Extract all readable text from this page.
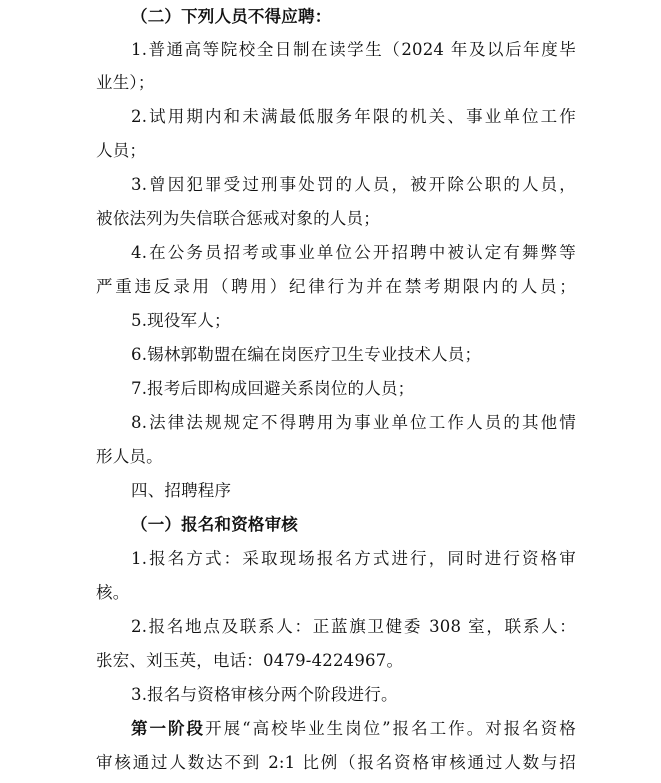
（二）下列人员不得应聘：
1.普通高等院校全日制在读学生（2024 年及以后年度毕
业生）；
2.试用期内和未满最低服务年限的机关、事业单位工作
人员；
3.曾因犯罪受过刑事处罚的人员，被开除公职的人员，
被依法列为失信联合惩戒对象的人员；
4.在公务员招考或事业单位公开招聘中被认定有舞弊等
严重违反录用（聘用）纪律行为并在禁考期限内的人员；
5.现役军人；
6.锡林郭勒盟在编在岗医疗卫生专业技术人员；
7.报考后即构成回避关系岗位的人员；
8.法律法规规定不得聘用为事业单位工作人员的其他情
形人员。
四、招聘程序
（一）报名和资格审核
1.报名方式：采取现场报名方式进行，同时进行资格审
核。
2.报名地点及联系人：正蓝旗卫健委 308 室，联系人：
张宏、刘玉英，电话：0479-4224967。
3.报名与资格审核分两个阶段进行。
第一阶段开展“高校毕业生岗位”报名工作。对报名资格
审核通过人数达不到 2:1 比例（报名资格审核通过人数与招
